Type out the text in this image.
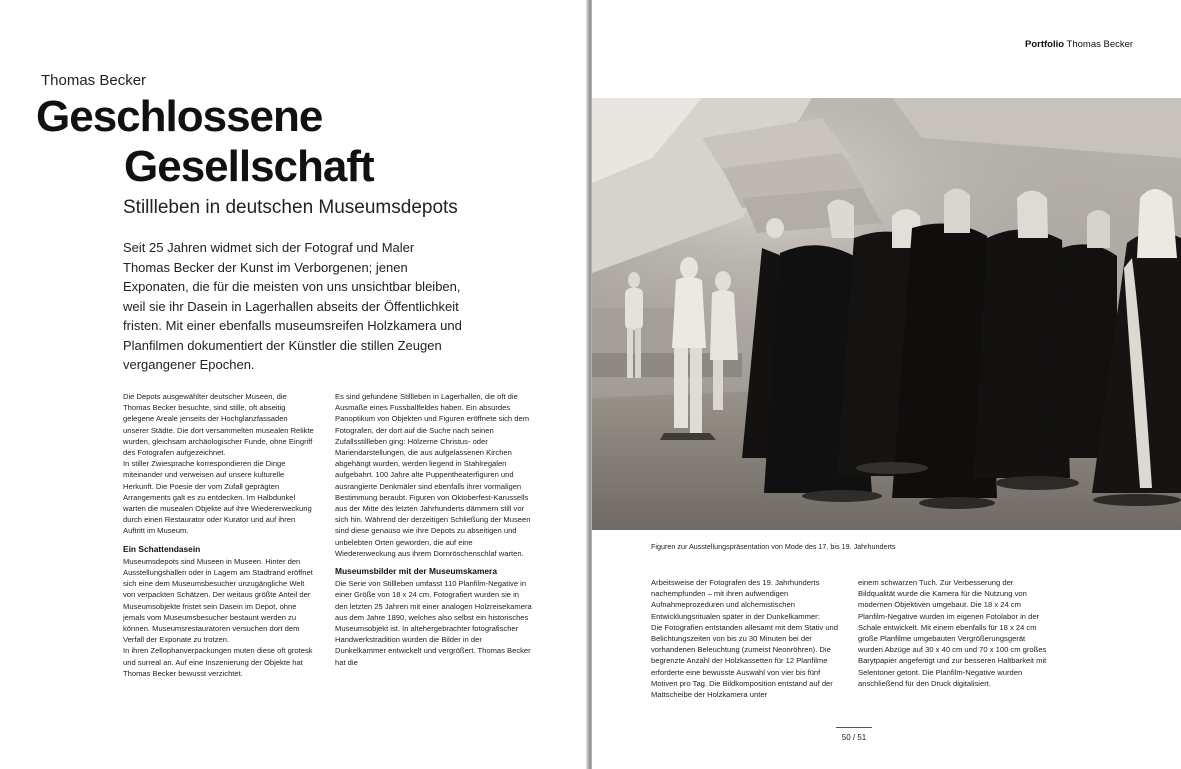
Thomas Becker
Geschlossene
Gesellschaft
Stillleben in deutschen Museumsdepots

Seit 25 Jahren widmet sich der Fotograf und Maler Thomas Becker der Kunst im Verborgenen; jenen Exponaten, die für die meisten von uns unsichtbar bleiben, weil sie ihr Dasein in Lagerhallen abseits der Öffentlichkeit fristen. Mit einer ebenfalls museumsreifen Holzkamera und Planfilmen dokumentiert der Künstler die stillen Zeugen vergangener Epochen.

Die Depots ausgewählter deutscher Museen, die Thomas Becker besuchte, sind stille, oft abseitig gelegene Areale jenseits der Hochglanzfassaden unserer Städte. Die dort versammelten musealen Relikte wurden, gleichsam archäologischer Funde, ohne Eingriff des Fotografen aufgezeichnet.

In stiller Zwiesprache korrespondieren die Dinge miteinander und verweisen auf unsere kulturelle Herkunft. Die Poesie der vom Zufall geprägten Arrangements galt es zu entdecken. Im Halbdunkel warten die musealen Objekte auf ihre Wiedererweckung durch einen Restaurator oder Kurator und auf ihren Auftritt im Museum.

Ein Schattendasein

Museumsdepots sind Museen in Museen. Hinter den Ausstellungshallen oder in Lagern am Stadtrand eröffnet sich eine dem Museumsbesucher unzugängliche Welt von verpackten Schätzen. Der weitaus größte Anteil der Museumsobjekte fristet sein Dasein im Depot, ohne jemals vom Museumsbesucher bestaunt werden zu können. Museumsrestauratoren versuchen dort dem Verfall der Exponate zu trotzen.

In ihren Zellophanverpackungen muten diese oft grotesk und surreal an. Auf eine Inszenierung der Objekte hat Thomas Becker bewusst verzichtet.

Es sind gefundene Stillleben in Lagerhallen, die oft die Ausmaße eines Fussballfeldes haben. Ein absurdes Panoptikum von Objekten und Figuren eröffnete sich dem Fotografen, der dort auf die Suche nach seinen Zufallsstillleben ging: Hölzerne Christus- oder Mariendarstellungen, die aus aufgelassenen Kirchen abgehängt wurden, werden liegend in Stahlregalen aufgebahrt. 100 Jahre alte Puppentheaterfiguren und ausrangierte Denkmäler sind ebenfalls ihrer vormaligen Bestimmung beraubt. Figuren von Oktoberfest-Karussells aus der Mitte des letzten Jahrhunderts dämmern still vor sich hin. Während der derzeitigen Schließung der Museen sind diese genauso wie ihre Depots zu abseitigen und unbelebten Orten geworden, die auf eine Wiedererweckung aus ihrem Dornröschenschlaf warten.

Museumsbilder mit der Museumskamera

Die Serie von Stillleben umfasst 110 Planfilm-Negative in einer Größe von 18 x 24 cm. Fotografiert wurden sie in den letzten 25 Jahren mit einer analogen Holzreisekamera aus dem Jahre 1890, welches also selbst ein historisches Museumsobjekt ist. In altehergebrachter fotografischer Handwerkstradition wurden die Bilder in der Dunkelkammer entwickelt und vergrößert. Thomas Becker hat die

Portfolio Thomas Becker
Figuren zur Ausstellungspräsentation von Mode des 17. bis 19. Jahrhunderts

Arbeitsweise der Fotografen des 19. Jahrhunderts nachempfunden – mit ihren aufwendigen Aufnahmeprozeduren und alchemistischen Entwicklungsritualen später in der Dunkelkammer:

Die Fotografien entstanden allesamt mit dem Stativ und Belichtungszeiten von bis zu 30 Minuten bei der vorhandenen Beleuchtung (zumeist Neonröhren). Die begrenzte Anzahl der Holzkassetten für 12 Planfilme erforderte eine bewusste Auswahl von vier bis fünf Motiven pro Tag. Die Bildkomposition entstand auf der Mattscheibe der Holzkamera unter

einem schwarzen Tuch. Zur Verbesserung der Bildqualität wurde die Kamera für die Nutzung von modernen Objektiven umgebaut. Die 18 x 24 cm Planfilm-Negative wurden im eigenen Fotolabor in der Schale entwickelt. Mit einem ebenfalls für 18 x 24 cm große Planfilme umgebauten Vergrößerungsgerät wurden Abzüge auf 30 x 40 cm und 70 x 100 cm großes Barytpapier angefertigt und zur besseren Haltbarkeit mit Selentoner getont. Die Planfilm-Negative wurden anschließend für den Druck digitalisiert.

50 / 51
